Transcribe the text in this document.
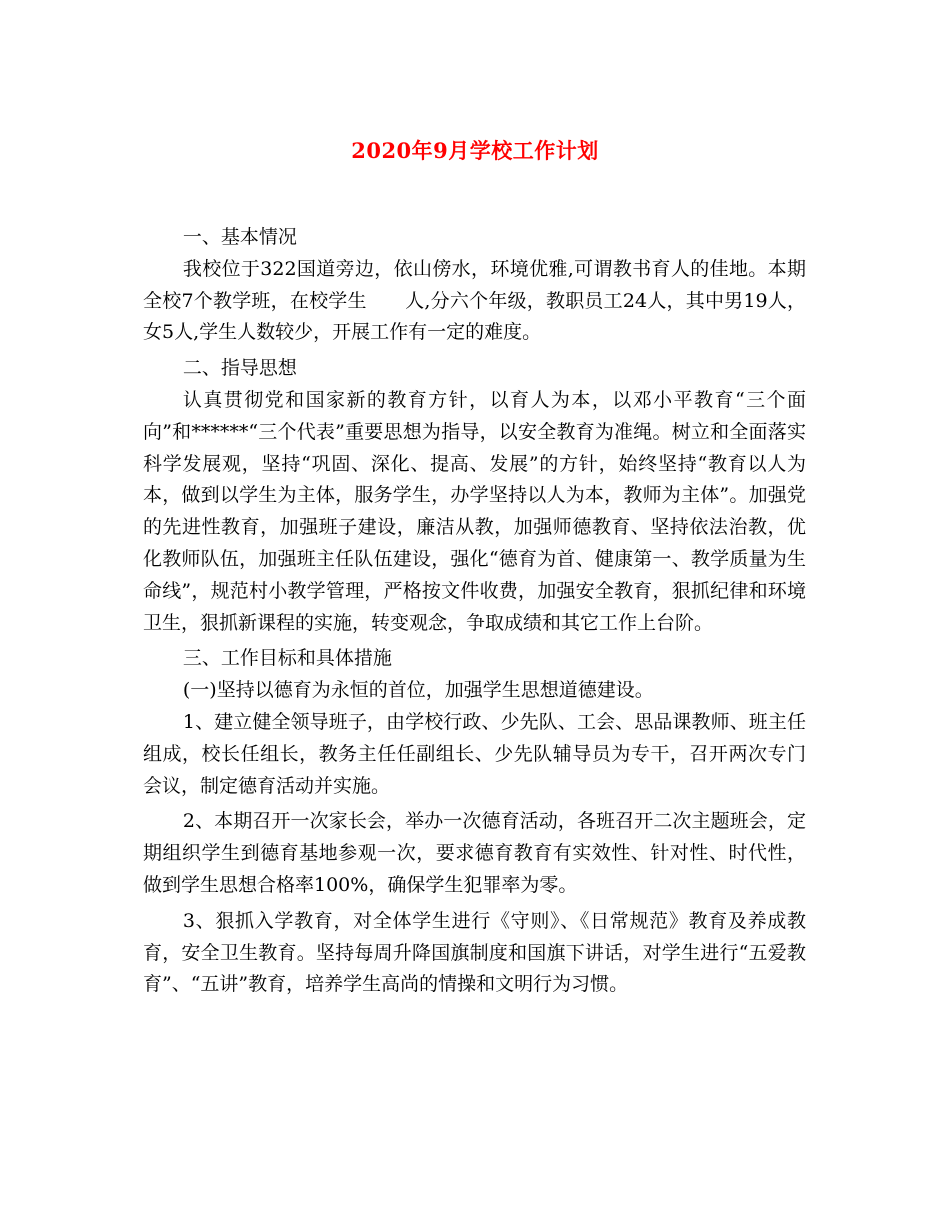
2020年9月学校工作计划

一、基本情况

我校位于322国道旁边，依山傍水，环境优雅,可谓教书育人的佳地。本期全校7个教学班，在校学生　　人,分六个年级，教职员工24人，其中男19人，女5人,学生人数较少，开展工作有一定的难度。

二、指导思想

认真贯彻党和国家新的教育方针，以育人为本，以邓小平教育“三个面向”和******“三个代表”重要思想为指导，以安全教育为准绳。树立和全面落实科学发展观，坚持“巩固、深化、提高、发展”的方针，始终坚持“教育以人为本，做到以学生为主体，服务学生，办学坚持以人为本，教师为主体”。加强党的先进性教育，加强班子建设，廉洁从教，加强师德教育、坚持依法治教，优化教师队伍，加强班主任队伍建设，强化“德育为首、健康第一、教学质量为生命线”，规范村小教学管理，严格按文件收费，加强安全教育，狠抓纪律和环境卫生，狠抓新课程的实施，转变观念，争取成绩和其它工作上台阶。

三、工作目标和具体措施

(一)坚持以德育为永恒的首位，加强学生思想道德建设。

1、建立健全领导班子，由学校行政、少先队、工会、思品课教师、班主任组成，校长任组长，教务主任任副组长、少先队辅导员为专干，召开两次专门会议，制定德育活动并实施。

2、本期召开一次家长会，举办一次德育活动，各班召开二次主题班会，定期组织学生到德育基地参观一次，要求德育教育有实效性、针对性、时代性，做到学生思想合格率100%，确保学生犯罪率为零。

3、狠抓入学教育，对全体学生进行《守则》、《日常规范》教育及养成教育，安全卫生教育。坚持每周升降国旗制度和国旗下讲话，对学生进行“五爱教育”、“五讲”教育，培养学生高尚的情操和文明行为习惯。
